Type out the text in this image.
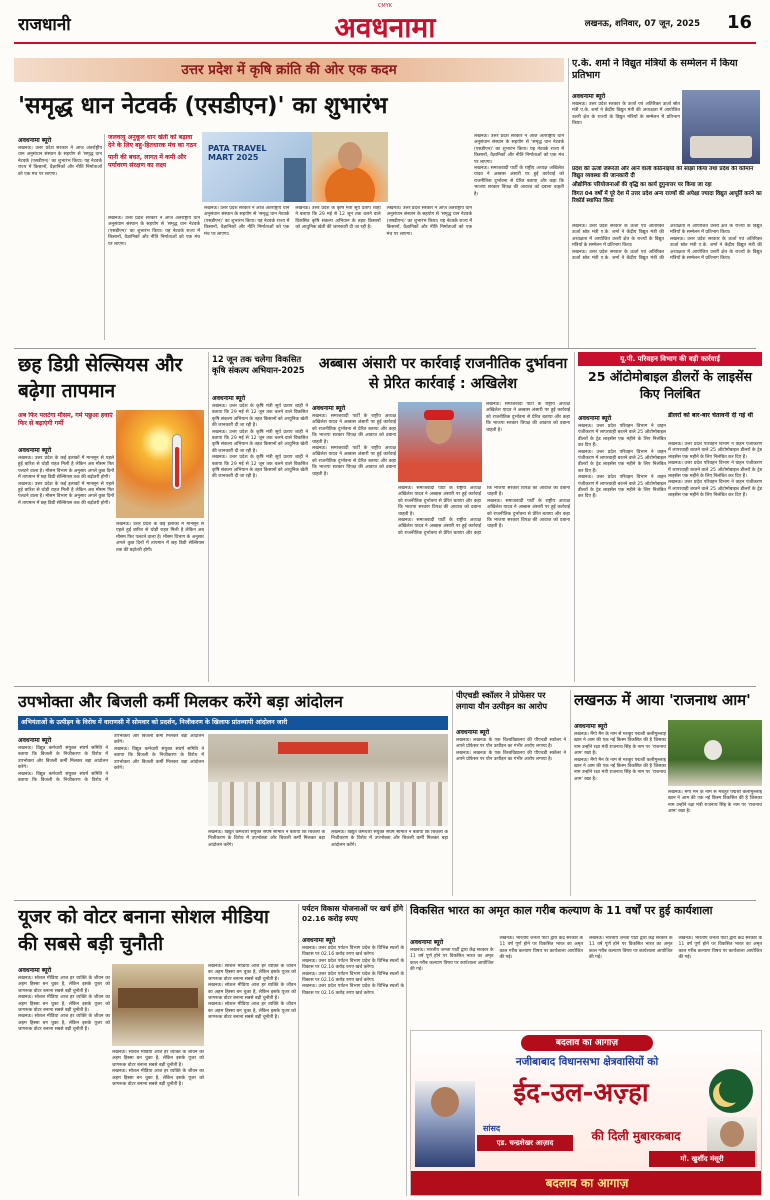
CMYK
राजधानी	अवधनामा	लखनऊ, शनिवार, 07 जून, 2025	16
उत्तर प्रदेश में कृषि क्रांति की ओर एक कदम
'समृद्ध धान नेटवर्क (एसडीएन)' का शुभारंभ
अवधनामा ब्यूरो
लखनऊ। उत्तर प्रदेश सरकार ने आज अंतर्राष्ट्रीय धान अनुसंधान संस्थान के सहयोग से 'समृद्ध धान नेटवर्क (एसडीएन)' का शुभारंभ किया। यह नेटवर्क राज्य में किसानों, वैज्ञानिकों और नीति निर्माताओं को एक मंच पर लाएगा।
जलवायु अनुकूल धान खेती को बढ़ावा देने के लिए बहु-हितधारक मंच का गठन
पानी की बचत, लागत में कमी और पर्यावरण संरक्षण का लक्ष्य
लखनऊ। उत्तर प्रदेश सरकार ने आज अंतर्राष्ट्रीय धान अनुसंधान संस्थान के सहयोग से 'समृद्ध धान नेटवर्क (एसडीएन)' का शुभारंभ किया। यह नेटवर्क राज्य में किसानों, वैज्ञानिकों और नीति निर्माताओं को एक मंच पर लाएगा।
PATA TRAVEL MART 2025
लखनऊ। उत्तर प्रदेश सरकार ने आज अंतर्राष्ट्रीय धान अनुसंधान संस्थान के सहयोग से 'समृद्ध धान नेटवर्क (एसडीएन)' का शुभारंभ किया। यह नेटवर्क राज्य में किसानों, वैज्ञानिकों और नीति निर्माताओं को एक मंच पर लाएगा।
लखनऊ। उत्तर प्रदेश के कृषि मंत्री सूर्य प्रताप शाही ने बताया कि 29 मई से 12 जून तक चलने वाले विकसित कृषि संकल्प अभियान के तहत किसानों को आधुनिक खेती की जानकारी दी जा रही है।
लखनऊ। उत्तर प्रदेश सरकार ने आज अंतर्राष्ट्रीय धान अनुसंधान संस्थान के सहयोग से 'समृद्ध धान नेटवर्क (एसडीएन)' का शुभारंभ किया। यह नेटवर्क राज्य में किसानों, वैज्ञानिकों और नीति निर्माताओं को एक मंच पर लाएगा।
लखनऊ। उत्तर प्रदेश सरकार ने आज अंतर्राष्ट्रीय धान अनुसंधान संस्थान के सहयोग से 'समृद्ध धान नेटवर्क (एसडीएन)' का शुभारंभ किया। यह नेटवर्क राज्य में किसानों, वैज्ञानिकों और नीति निर्माताओं को एक मंच पर लाएगा।
लखनऊ। समाजवादी पार्टी के राष्ट्रीय अध्यक्ष अखिलेश यादव ने अब्बास अंसारी पर हुई कार्रवाई को राजनीतिक दुर्भावना से प्रेरित बताया और कहा कि भाजपा सरकार विपक्ष की आवाज को दबाना चाहती है।
ए.के. शर्मा ने विद्युत मंत्रियों के सम्मेलन में किया प्रतिभाग
अवधनामा ब्यूरो
लखनऊ। उत्तर प्रदेश सरकार के ऊर्जा एवं अतिरिक्त ऊर्जा स्रोत मंत्री ए.के. शर्मा ने केंद्रीय विद्युत मंत्री की अध्यक्षता में आयोजित उत्तरी क्षेत्र के राज्यों के विद्युत मंत्रियों के सम्मेलन में प्रतिभाग किया।
प्रदेश की ऊर्जा जरूरतों और आने वाली कठिनाइयों को साझा किया तथा प्रदेश की वर्तमान विद्युत व्यवस्था की जानकारी दी
औद्योगिक परियोजनाओं की वृद्धि का कार्य दुगुनात्तर पर किया जा रहा
विगत 04 वर्षों में पूरे देश में उत्तर प्रदेश अन्य राज्यों की अपेक्षा ज्यादा विद्युत आपूर्ति करने का रिकॉर्ड स्थापित किया
लखनऊ। उत्तर प्रदेश सरकार के ऊर्जा एवं अतिरिक्त ऊर्जा स्रोत मंत्री ए.के. शर्मा ने केंद्रीय विद्युत मंत्री की अध्यक्षता में आयोजित उत्तरी क्षेत्र के राज्यों के विद्युत मंत्रियों के सम्मेलन में प्रतिभाग किया।
लखनऊ। उत्तर प्रदेश सरकार के ऊर्जा एवं अतिरिक्त ऊर्जा स्रोत मंत्री ए.के. शर्मा ने केंद्रीय विद्युत मंत्री की अध्यक्षता में आयोजित उत्तरी क्षेत्र के राज्यों के विद्युत मंत्रियों के सम्मेलन में प्रतिभाग किया।
लखनऊ। उत्तर प्रदेश सरकार के ऊर्जा एवं अतिरिक्त ऊर्जा स्रोत मंत्री ए.के. शर्मा ने केंद्रीय विद्युत मंत्री की अध्यक्षता में आयोजित उत्तरी क्षेत्र के राज्यों के विद्युत मंत्रियों के सम्मेलन में प्रतिभाग किया।
छह डिग्री सेल्सियस और बढ़ेगा तापमान
अब फिर पलटेगा मौसम, गर्म पछुआ हवाएं फिर से बढ़ाएंगी गर्मी
अवधनामा ब्यूरो
लखनऊ। उत्तर प्रदेश के कई इलाकों में मानसून से पहले हुई बारिश से थोड़ी राहत मिली है लेकिन अब मौसम फिर पलटने वाला है। मौसम विभाग के अनुसार अगले कुछ दिनों में तापमान में छह डिग्री सेल्सियस तक की बढ़ोतरी होगी।
लखनऊ। उत्तर प्रदेश के कई इलाकों में मानसून से पहले हुई बारिश से थोड़ी राहत मिली है लेकिन अब मौसम फिर पलटने वाला है। मौसम विभाग के अनुसार अगले कुछ दिनों में तापमान में छह डिग्री सेल्सियस तक की बढ़ोतरी होगी।
लखनऊ। उत्तर प्रदेश के कई इलाकों में मानसून से पहले हुई बारिश से थोड़ी राहत मिली है लेकिन अब मौसम फिर पलटने वाला है। मौसम विभाग के अनुसार अगले कुछ दिनों में तापमान में छह डिग्री सेल्सियस तक की बढ़ोतरी होगी।
12 जून तक चलेगा विकसित कृषि संकल्प अभियान-2025
अवधनामा ब्यूरो
लखनऊ। उत्तर प्रदेश के कृषि मंत्री सूर्य प्रताप शाही ने बताया कि 29 मई से 12 जून तक चलने वाले विकसित कृषि संकल्प अभियान के तहत किसानों को आधुनिक खेती की जानकारी दी जा रही है।
लखनऊ। उत्तर प्रदेश के कृषि मंत्री सूर्य प्रताप शाही ने बताया कि 29 मई से 12 जून तक चलने वाले विकसित कृषि संकल्प अभियान के तहत किसानों को आधुनिक खेती की जानकारी दी जा रही है।
लखनऊ। उत्तर प्रदेश के कृषि मंत्री सूर्य प्रताप शाही ने बताया कि 29 मई से 12 जून तक चलने वाले विकसित कृषि संकल्प अभियान के तहत किसानों को आधुनिक खेती की जानकारी दी जा रही है।
अब्बास अंसारी पर कार्रवाई राजनीतिक दुर्भावना से प्रेरित कार्रवाई : अखिलेश
अवधनामा ब्यूरो
लखनऊ। समाजवादी पार्टी के राष्ट्रीय अध्यक्ष अखिलेश यादव ने अब्बास अंसारी पर हुई कार्रवाई को राजनीतिक दुर्भावना से प्रेरित बताया और कहा कि भाजपा सरकार विपक्ष की आवाज को दबाना चाहती है।
लखनऊ। समाजवादी पार्टी के राष्ट्रीय अध्यक्ष अखिलेश यादव ने अब्बास अंसारी पर हुई कार्रवाई को राजनीतिक दुर्भावना से प्रेरित बताया और कहा कि भाजपा सरकार विपक्ष की आवाज को दबाना चाहती है।
लखनऊ। समाजवादी पार्टी के राष्ट्रीय अध्यक्ष अखिलेश यादव ने अब्बास अंसारी पर हुई कार्रवाई को राजनीतिक दुर्भावना से प्रेरित बताया और कहा कि भाजपा सरकार विपक्ष की आवाज को दबाना चाहती है।
लखनऊ। समाजवादी पार्टी के राष्ट्रीय अध्यक्ष अखिलेश यादव ने अब्बास अंसारी पर हुई कार्रवाई को राजनीतिक दुर्भावना से प्रेरित बताया और कहा कि भाजपा सरकार विपक्ष की आवाज को दबाना चाहती है।
लखनऊ। समाजवादी पार्टी के राष्ट्रीय अध्यक्ष अखिलेश यादव ने अब्बास अंसारी पर हुई कार्रवाई को राजनीतिक दुर्भावना से प्रेरित बताया और कहा कि भाजपा सरकार विपक्ष की आवाज को दबाना चाहती है।
लखनऊ। समाजवादी पार्टी के राष्ट्रीय अध्यक्ष अखिलेश यादव ने अब्बास अंसारी पर हुई कार्रवाई को राजनीतिक दुर्भावना से प्रेरित बताया और कहा कि भाजपा सरकार विपक्ष की आवाज को दबाना चाहती है।
यू.पी. परिवहन विभाग की बड़ी कार्रवाई
25 ऑटोमोबाइल डीलरों के लाइसेंस किए निलंबित
अवधनामा ब्यूरो
लखनऊ। उत्तर प्रदेश परिवहन विभाग ने वाहन पंजीकरण में लापरवाही बरतने वाले 25 ऑटोमोबाइल डीलरों के ट्रेड लाइसेंस एक महीने के लिए निलंबित कर दिए हैं।
लखनऊ। उत्तर प्रदेश परिवहन विभाग ने वाहन पंजीकरण में लापरवाही बरतने वाले 25 ऑटोमोबाइल डीलरों के ट्रेड लाइसेंस एक महीने के लिए निलंबित कर दिए हैं।
लखनऊ। उत्तर प्रदेश परिवहन विभाग ने वाहन पंजीकरण में लापरवाही बरतने वाले 25 ऑटोमोबाइल डीलरों के ट्रेड लाइसेंस एक महीने के लिए निलंबित कर दिए हैं।
डीलरों को बार-बार चेतावनी दी गई थी
लखनऊ। उत्तर प्रदेश परिवहन विभाग ने वाहन पंजीकरण में लापरवाही बरतने वाले 25 ऑटोमोबाइल डीलरों के ट्रेड लाइसेंस एक महीने के लिए निलंबित कर दिए हैं।
लखनऊ। उत्तर प्रदेश परिवहन विभाग ने वाहन पंजीकरण में लापरवाही बरतने वाले 25 ऑटोमोबाइल डीलरों के ट्रेड लाइसेंस एक महीने के लिए निलंबित कर दिए हैं।
लखनऊ। उत्तर प्रदेश परिवहन विभाग ने वाहन पंजीकरण में लापरवाही बरतने वाले 25 ऑटोमोबाइल डीलरों के ट्रेड लाइसेंस एक महीने के लिए निलंबित कर दिए हैं।
उपभोक्ता और बिजली कर्मी मिलकर करेंगे बड़ा आंदोलन
अभियंताओं के उत्पीड़न के विरोध में वाराणसी में सोमवार को प्रदर्शन, निजीकरण के खिलाफ प्रांतव्यापी आंदोलन जारी
अवधनामा ब्यूरो
लखनऊ। विद्युत कर्मचारी संयुक्त संघर्ष समिति ने बताया कि बिजली के निजीकरण के विरोध में उपभोक्ता और बिजली कर्मी मिलकर बड़ा आंदोलन करेंगे।
लखनऊ। विद्युत कर्मचारी संयुक्त संघर्ष समिति ने बताया कि बिजली के निजीकरण के विरोध में उपभोक्ता और बिजली कर्मी मिलकर बड़ा आंदोलन करेंगे।
लखनऊ। विद्युत कर्मचारी संयुक्त संघर्ष समिति ने बताया कि बिजली के निजीकरण के विरोध में उपभोक्ता और बिजली कर्मी मिलकर बड़ा आंदोलन करेंगे।
लखनऊ। विद्युत कर्मचारी संयुक्त संघर्ष समिति ने बताया कि बिजली के निजीकरण के विरोध में उपभोक्ता और बिजली कर्मी मिलकर बड़ा आंदोलन करेंगे।
लखनऊ। विद्युत कर्मचारी संयुक्त संघर्ष समिति ने बताया कि बिजली के निजीकरण के विरोध में उपभोक्ता और बिजली कर्मी मिलकर बड़ा आंदोलन करेंगे।
पीएचडी स्कॉलर ने प्रोफेसर पर लगाया यौन उत्पीड़न का आरोप
अवधनामा ब्यूरो
लखनऊ। लखनऊ के एक विश्वविद्यालय की पीएचडी स्कॉलर ने अपने प्रोफेसर पर यौन उत्पीड़न का गंभीर आरोप लगाया है।
लखनऊ। लखनऊ के एक विश्वविद्यालय की पीएचडी स्कॉलर ने अपने प्रोफेसर पर यौन उत्पीड़न का गंभीर आरोप लगाया है।
लखनऊ में आया 'राजनाथ आम'
अवधनामा ब्यूरो
लखनऊ। मैंगो मैन के नाम से मशहूर पद्मश्री कलीमुल्लाह खान ने आम की एक नई किस्म विकसित की है जिसका नाम उन्होंने रक्षा मंत्री राजनाथ सिंह के नाम पर 'राजनाथ आम' रखा है।
लखनऊ। मैंगो मैन के नाम से मशहूर पद्मश्री कलीमुल्लाह खान ने आम की एक नई किस्म विकसित की है जिसका नाम उन्होंने रक्षा मंत्री राजनाथ सिंह के नाम पर 'राजनाथ आम' रखा है।
लखनऊ। मैंगो मैन के नाम से मशहूर पद्मश्री कलीमुल्लाह खान ने आम की एक नई किस्म विकसित की है जिसका नाम उन्होंने रक्षा मंत्री राजनाथ सिंह के नाम पर 'राजनाथ आम' रखा है।
यूजर को वोटर बनाना सोशल मीडिया की सबसे बड़ी चुनौती
अवधनामा ब्यूरो
लखनऊ। सोशल मीडिया आज हर व्यक्ति के जीवन का अहम हिस्सा बन चुका है, लेकिन इसके यूजर को जागरूक वोटर बनाना सबसे बड़ी चुनौती है।
लखनऊ। सोशल मीडिया आज हर व्यक्ति के जीवन का अहम हिस्सा बन चुका है, लेकिन इसके यूजर को जागरूक वोटर बनाना सबसे बड़ी चुनौती है।
लखनऊ। सोशल मीडिया आज हर व्यक्ति के जीवन का अहम हिस्सा बन चुका है, लेकिन इसके यूजर को जागरूक वोटर बनाना सबसे बड़ी चुनौती है।
लखनऊ। सोशल मीडिया आज हर व्यक्ति के जीवन का अहम हिस्सा बन चुका है, लेकिन इसके यूजर को जागरूक वोटर बनाना सबसे बड़ी चुनौती है।
लखनऊ। सोशल मीडिया आज हर व्यक्ति के जीवन का अहम हिस्सा बन चुका है, लेकिन इसके यूजर को जागरूक वोटर बनाना सबसे बड़ी चुनौती है।
लखनऊ। सोशल मीडिया आज हर व्यक्ति के जीवन का अहम हिस्सा बन चुका है, लेकिन इसके यूजर को जागरूक वोटर बनाना सबसे बड़ी चुनौती है।
लखनऊ। सोशल मीडिया आज हर व्यक्ति के जीवन का अहम हिस्सा बन चुका है, लेकिन इसके यूजर को जागरूक वोटर बनाना सबसे बड़ी चुनौती है।
लखनऊ। सोशल मीडिया आज हर व्यक्ति के जीवन का अहम हिस्सा बन चुका है, लेकिन इसके यूजर को जागरूक वोटर बनाना सबसे बड़ी चुनौती है।
पर्यटन विकास योजनाओं पर खर्च होंगे 02.16 करोड़ रुपए
अवधनामा ब्यूरो
लखनऊ। उत्तर प्रदेश पर्यटन विभाग प्रदेश के विभिन्न स्थलों के विकास पर 02.16 करोड़ रुपए खर्च करेगा।
लखनऊ। उत्तर प्रदेश पर्यटन विभाग प्रदेश के विभिन्न स्थलों के विकास पर 02.16 करोड़ रुपए खर्च करेगा।
लखनऊ। उत्तर प्रदेश पर्यटन विभाग प्रदेश के विभिन्न स्थलों के विकास पर 02.16 करोड़ रुपए खर्च करेगा।
लखनऊ। उत्तर प्रदेश पर्यटन विभाग प्रदेश के विभिन्न स्थलों के विकास पर 02.16 करोड़ रुपए खर्च करेगा।
विकसित भारत का अमृत काल गरीब कल्याण के 11 वर्षों पर हुई कार्यशाला
अवधनामा ब्यूरो
लखनऊ। भारतीय जनता पार्टी द्वारा केंद्र सरकार के 11 वर्ष पूर्ण होने पर विकसित भारत का अमृत काल गरीब कल्याण विषय पर कार्यशाला आयोजित की गई।
लखनऊ। भारतीय जनता पार्टी द्वारा केंद्र सरकार के 11 वर्ष पूर्ण होने पर विकसित भारत का अमृत काल गरीब कल्याण विषय पर कार्यशाला आयोजित की गई।
लखनऊ। भारतीय जनता पार्टी द्वारा केंद्र सरकार के 11 वर्ष पूर्ण होने पर विकसित भारत का अमृत काल गरीब कल्याण विषय पर कार्यशाला आयोजित की गई।
लखनऊ। भारतीय जनता पार्टी द्वारा केंद्र सरकार के 11 वर्ष पूर्ण होने पर विकसित भारत का अमृत काल गरीब कल्याण विषय पर कार्यशाला आयोजित की गई।
बदलाव का आगाज़
नजीबाबाद विधानसभा क्षेत्रवासियों को
ईद-उल-अज़्हा
सांसद
एड. चन्द्रशेखर आज़ाद	की दिली मुबारकबाद
मो. खुर्शीद मंसूरी
बदलाव का आगाज़
